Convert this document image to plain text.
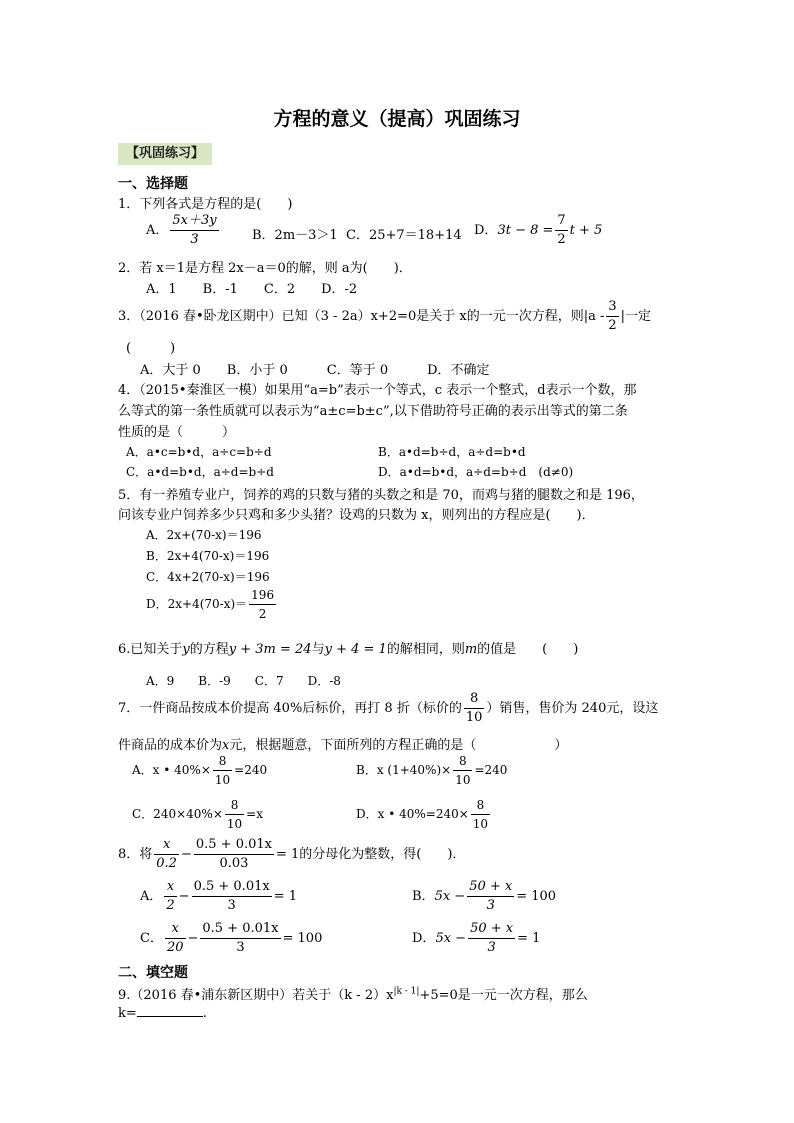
方程的意义（提高）巩固练习
【巩固练习】
一、选择题
1．下列各式是方程的是(　　)
A． $\frac{5x+3y}{3}$	B．2m－3＞1 C．25+7＝18+14 D．$3t - 8 = \frac{7}{2}$ t + 5
2．若 x＝1是方程 2x－a＝0的解，则 a为(　　)．
A．1　　B．-1　　C．2　　D．-2
3．（2016 春•卧龙区期中）已知（3 - 2a）x+2=0是关于 x的一元一次方程，则$|a - \frac{3}{2}$ |一定
(　　　)
A．大于 0　　B．小于 0　　　C．等于 0　　　D．不确定
4．（2015•秦淮区一模）如果用“a=b”表示一个等式，c 表示一个整式，d表示一个数，那
么等式的第一条性质就可以表示为“a±c=b±c”,以下借助符号正确的表示出等式的第二条
性质的是（　　　）
A．a•c=b•d，a÷c=b÷d	B．a•d=b÷d，a÷d=b•d
C．a•d=b•d，a÷d=b÷d	D．a•d=b•d，a÷d=b÷d　(d≠0)
5．有一养殖专业户，饲养的鸡的只数与猪的头数之和是 70，而鸡与猪的腿数之和是 196，
问该专业户饲养多少只鸡和多少头猪？设鸡的只数为 x，则列出的方程应是(　　)．
A．2x+(70-x)＝196
B．2x+4(70-x)＝196
C．4x+2(70-x)＝196
D．$2x+4(70-x)= \frac{196}{2}$
6.已知关于y的方程y + 3m = 24与y + 4 = 1的解相同，则m的值是　　(　　)
A．9　　B．-9　　C．7　　D．-8
7．一件商品按成本价提高 40%后标价，再打 8 折（标价的 $\frac{8}{10}$ ）销售，售价为 240元，设这
件商品的成本价为x元，根据题意，下面所列的方程正确的是（　　　　　　）
A．x • $40\%\times \frac{8}{10} =240$	B．x $(1+40\%)\times \frac{8}{10} =240$
C．$240\times 40\%\times \frac{8}{10} =x$	D．x • $40\%=240\times \frac{8}{10}$
8．将 $\frac{x}{0.2} - \frac{0.5 + 0.01x}{0.03} = 1$的分母化为整数，得(　　)．
A． $\frac{x}{2} - \frac{0.5 + 0.01x}{3} = 1$	B．$5x - \frac{50 + x}{3} = 100$
C． $\frac{x}{20} - \frac{0.5 + 0.01x}{3} = 100$	D．$5x - \frac{50 + x}{3} = 1$
二、填空题
9.（2016 春•浦东新区期中）若关于$(k - 2)x^{|k - 1|}+5=0$是一元一次方程，那么
k=	.
